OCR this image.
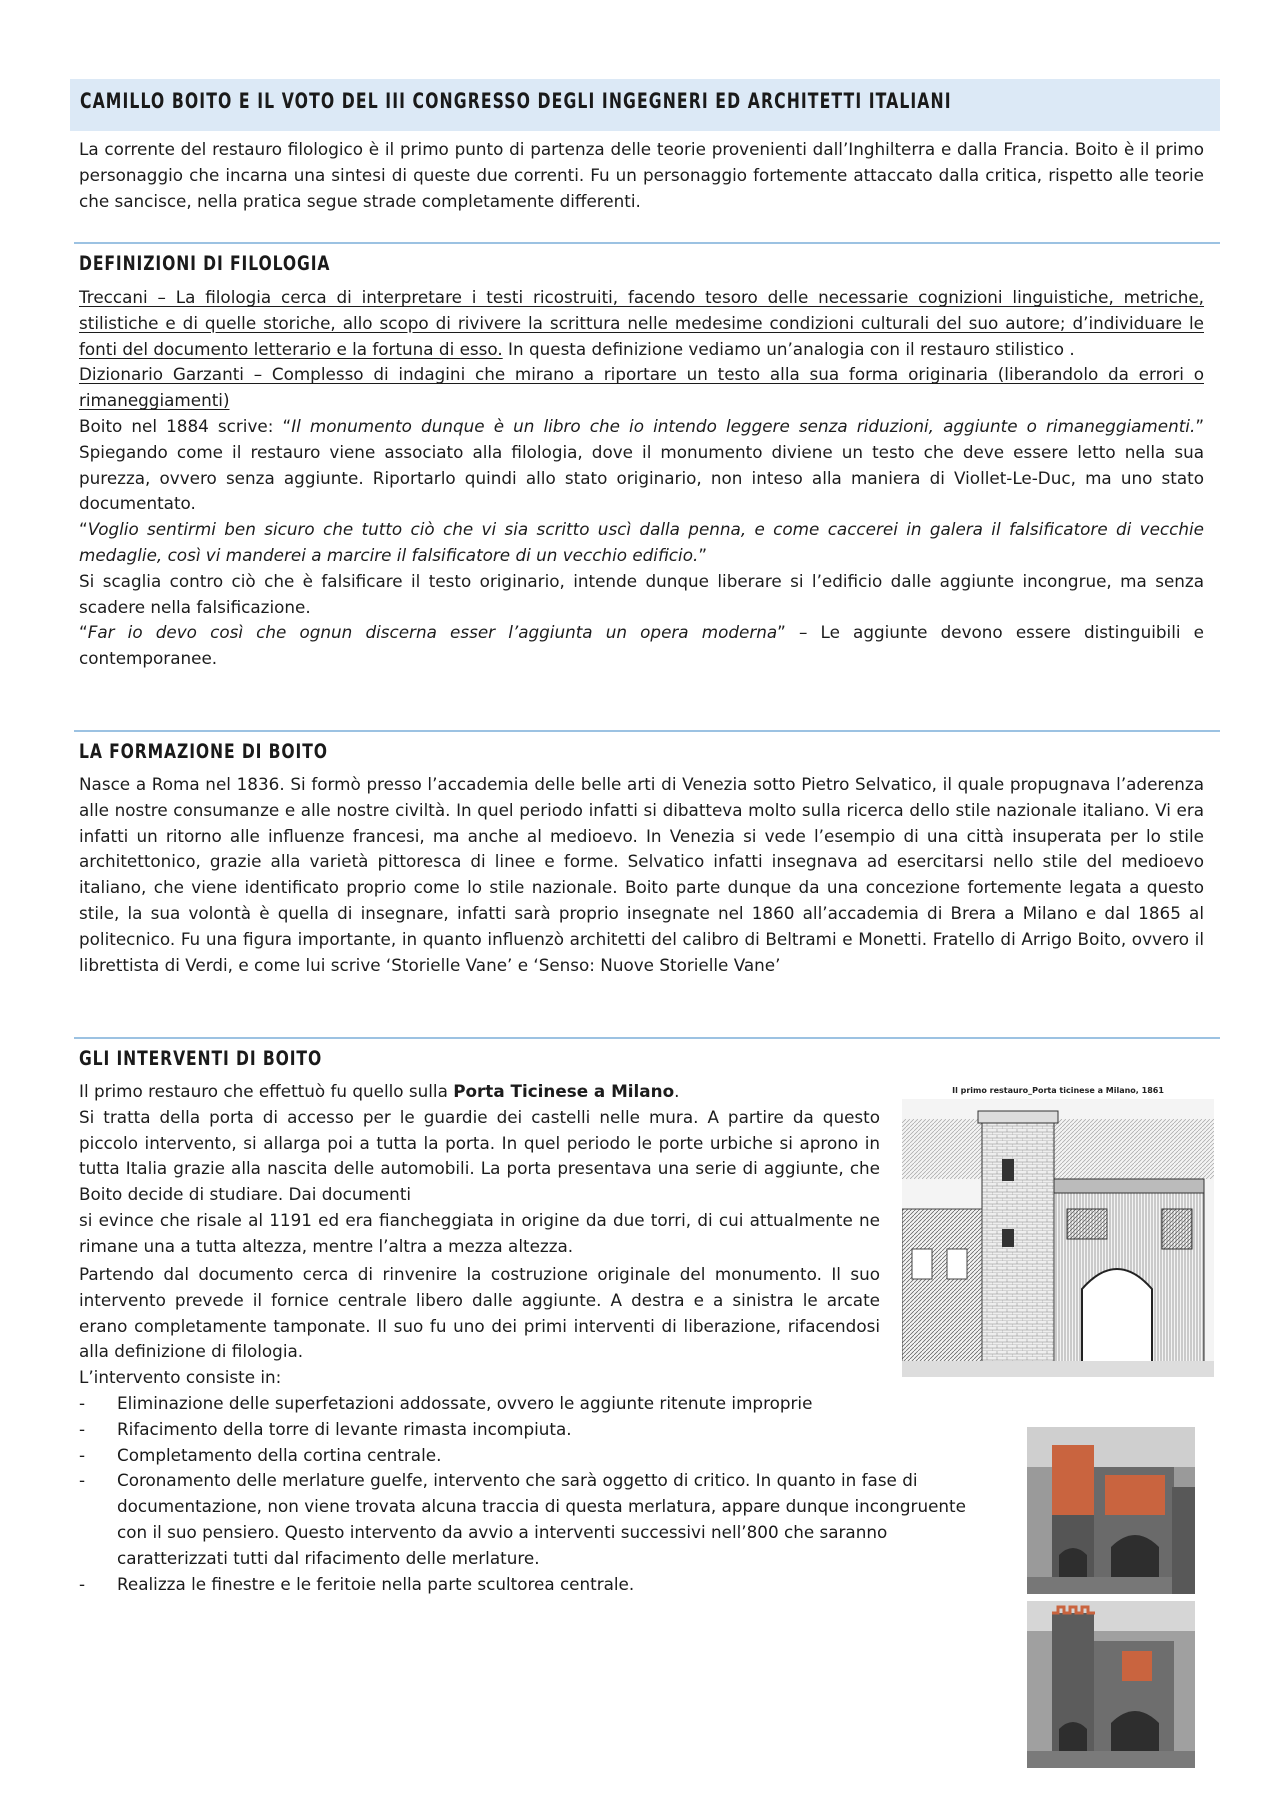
CAMILLO BOITO E IL VOTO DEL III CONGRESSO DEGLI INGEGNERI ED ARCHITETTI ITALIANI
La corrente del restauro filologico è il primo punto di partenza delle teorie provenienti dall’Inghilterra e dalla Francia. Boito è il primo personaggio che incarna una sintesi di queste due correnti. Fu un personaggio fortemente attaccato dalla critica, rispetto alle teorie che sancisce, nella pratica segue strade completamente differenti.
DEFINIZIONI DI FILOLOGIA

Treccani – La filologia cerca di interpretare i testi ricostruiti, facendo tesoro delle necessarie cognizioni linguistiche, metriche, stilistiche e di quelle storiche, allo scopo di rivivere la scrittura nelle medesime condizioni culturali del suo autore; d’individuare le fonti del documento letterario e la fortuna di esso. In questa definizione vediamo un’analogia con il restauro stilistico .

Dizionario Garzanti – Complesso di indagini che mirano a riportare un testo alla sua forma originaria (liberandolo da errori o rimaneggiamenti)

Boito nel 1884 scrive: “Il monumento dunque è un libro che io intendo leggere senza riduzioni, aggiunte o rimaneggiamenti.” Spiegando come il restauro viene associato alla filologia, dove il monumento diviene un testo che deve essere letto nella sua purezza, ovvero senza aggiunte. Riportarlo quindi allo stato originario, non inteso alla maniera di Viollet-Le-Duc, ma uno stato documentato.

“Voglio sentirmi ben sicuro che tutto ciò che vi sia scritto uscì dalla penna, e come caccerei in galera il falsificatore di vecchie medaglie, così vi manderei a marcire il falsificatore di un vecchio edificio.”

Si scaglia contro ciò che è falsificare il testo originario, intende dunque liberare si l’edificio dalle aggiunte incongrue, ma senza scadere nella falsificazione.

“Far io devo così che ognun discerna esser l’aggiunta un opera moderna” – Le aggiunte devono essere distinguibili e contemporanee.

LA FORMAZIONE DI BOITO
Nasce a Roma nel 1836. Si formò presso l’accademia delle belle arti di Venezia sotto Pietro Selvatico, il quale propugnava l’aderenza alle nostre consumanze e alle nostre civiltà. In quel periodo infatti si dibatteva molto sulla ricerca dello stile nazionale italiano. Vi era infatti un ritorno alle influenze francesi, ma anche al medioevo. In Venezia si vede l’esempio di una città insuperata per lo stile architettonico, grazie alla varietà pittoresca di linee e forme. Selvatico infatti insegnava ad esercitarsi nello stile del medioevo italiano, che viene identificato proprio come lo stile nazionale. Boito parte dunque da una concezione fortemente legata a questo stile, la sua volontà è quella di insegnare, infatti sarà proprio insegnate nel 1860 all’accademia di Brera a Milano e dal 1865 al politecnico. Fu una figura importante, in quanto influenzò architetti del calibro di Beltrami e Monetti. Fratello di Arrigo Boito, ovvero il librettista di Verdi, e come lui scrive ‘Storielle Vane’ e ‘Senso: Nuove Storielle Vane’
GLI INTERVENTI DI BOITO

Il primo restauro che effettuò fu quello sulla Porta Ticinese a Milano.

Si tratta della porta di accesso per le guardie dei castelli nelle mura. A partire da questo piccolo intervento, si allarga poi a tutta la porta. In quel periodo le porte urbiche si aprono in tutta Italia grazie alla nascita delle automobili. La porta presentava una serie di aggiunte, che Boito decide di studiare. Dai documenti

si evince che risale al 1191 ed era fiancheggiata in origine da due torri, di cui attualmente ne rimane una a tutta altezza, mentre l’altra a mezza altezza.

Partendo dal documento cerca di rinvenire la costruzione originale del monumento. Il suo intervento prevede il fornice centrale libero dalle aggiunte. A destra e a sinistra le arcate erano completamente tamponate. Il suo fu uno dei primi interventi di liberazione, rifacendosi alla definizione di filologia.

L’intervento consiste in:

- Eliminazione delle superfetazioni addossate, ovvero le aggiunte ritenute improprie
- Rifacimento della torre di levante rimasta incompiuta.
- Completamento della cortina centrale.
- Coronamento delle merlature guelfe, intervento che sarà oggetto di critico. In quanto in fase di documentazione, non viene trovata alcuna traccia di questa merlatura, appare dunque incongruente con il suo pensiero. Questo intervento da avvio a interventi successivi nell’800 che saranno caratterizzati tutti dal rifacimento delle merlature.
- Realizza le finestre e le feritoie nella parte scultorea centrale.
Il primo restauro_Porta ticinese a Milano, 1861
